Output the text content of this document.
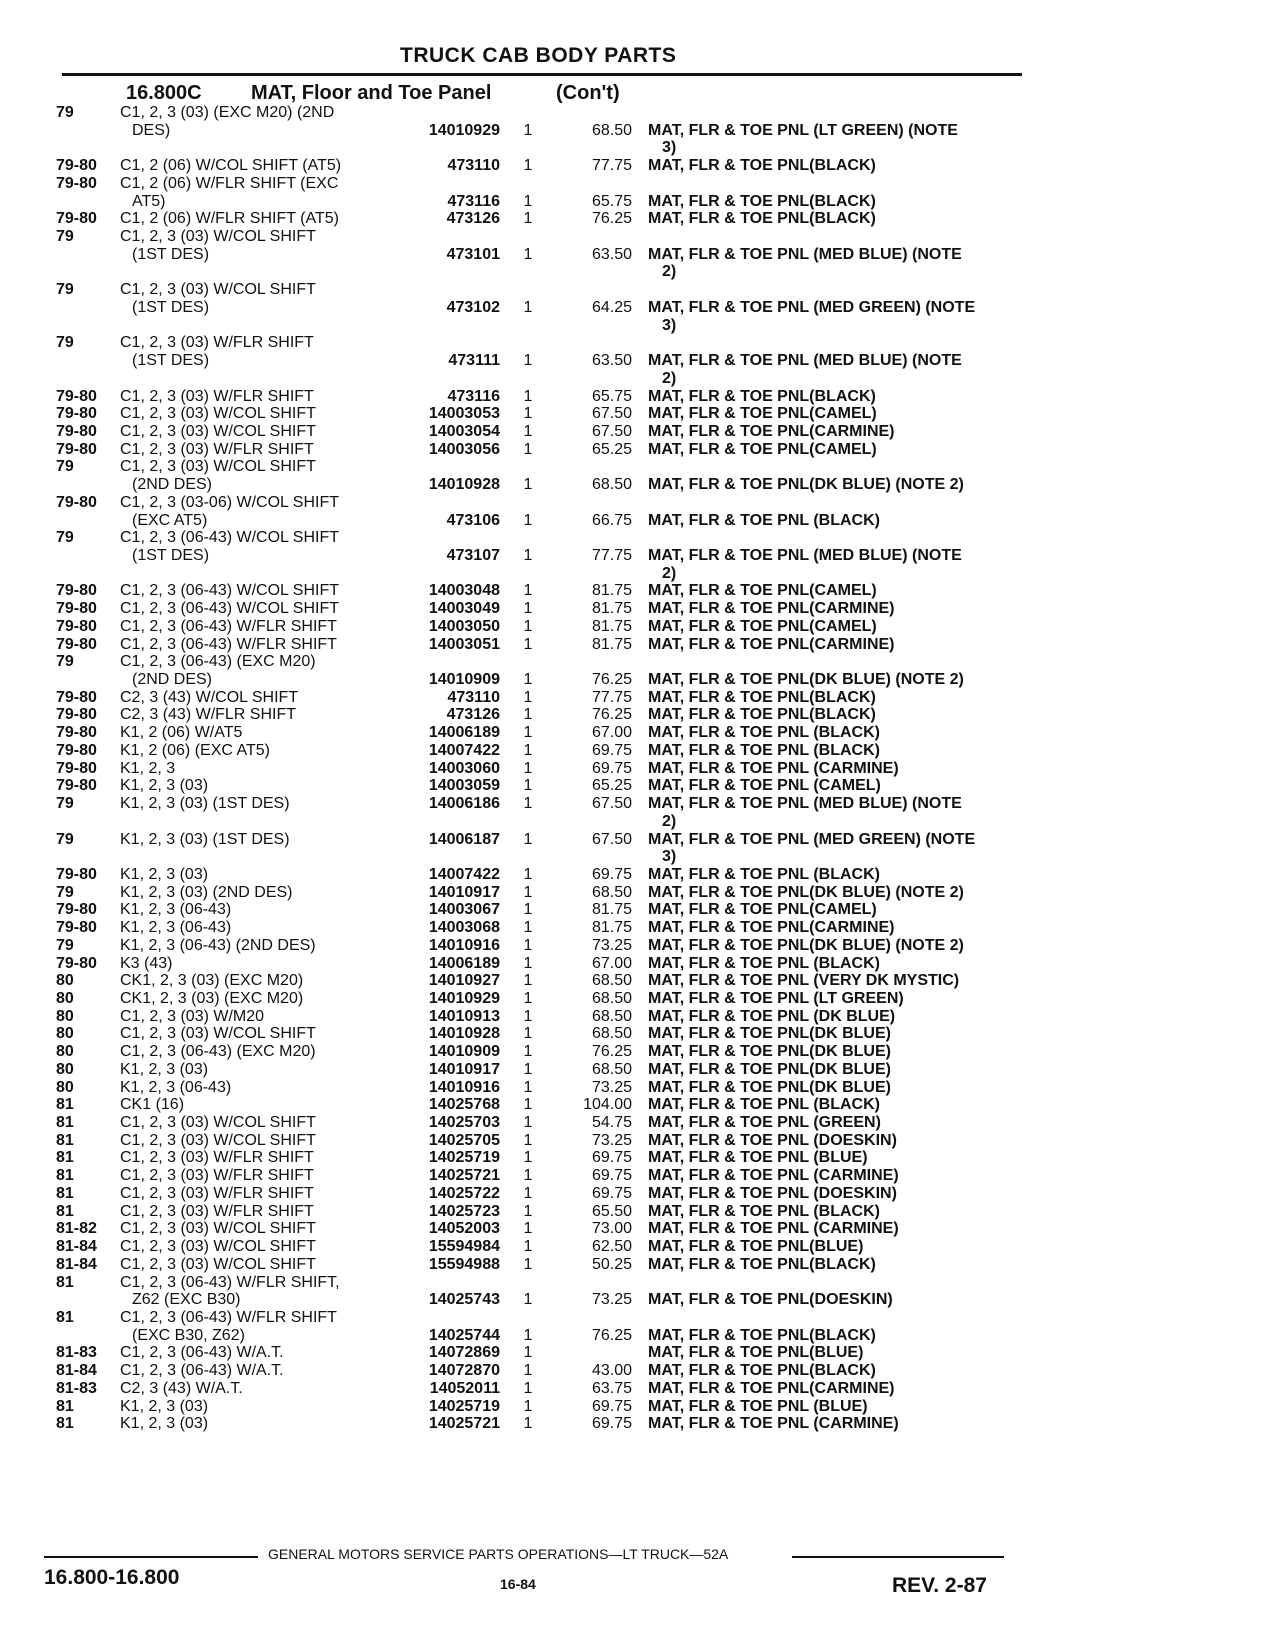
TRUCK CAB BODY PARTS
16.800C MAT, Floor and Toe Panel	(Con't)
79	C1, 2, 3 (03) (EXC M20) (2ND
DES)	14010929 1	68.50 MAT, FLR & TOE PNL (LT GREEN) (NOTE
3)
79-80	C1, 2 (06) W/COL SHIFT (AT5)	473110 1	77.75 MAT, FLR & TOE PNL(BLACK)
79-80	C1, 2 (06) W/FLR SHIFT (EXC
AT5)	473116 1	65.75 MAT, FLR & TOE PNL(BLACK)
79-80	C1, 2 (06) W/FLR SHIFT (AT5)	473126 1	76.25 MAT, FLR & TOE PNL(BLACK)
79	C1, 2, 3 (03) W/COL SHIFT
(1ST DES)	473101 1	63.50 MAT, FLR & TOE PNL (MED BLUE) (NOTE
2)
79	C1, 2, 3 (03) W/COL SHIFT
(1ST DES)	473102 1	64.25 MAT, FLR & TOE PNL (MED GREEN) (NOTE
3)
79	C1, 2, 3 (03) W/FLR SHIFT
(1ST DES)	473111 1	63.50 MAT, FLR & TOE PNL (MED BLUE) (NOTE
2)
79-80	C1, 2, 3 (03) W/FLR SHIFT	473116 1	65.75 MAT, FLR & TOE PNL(BLACK)
79-80	C1, 2, 3 (03) W/COL SHIFT	14003053 1	67.50 MAT, FLR & TOE PNL(CAMEL)
79-80	C1, 2, 3 (03) W/COL SHIFT	14003054 1	67.50 MAT, FLR & TOE PNL(CARMINE)
79-80	C1, 2, 3 (03) W/FLR SHIFT	14003056 1	65.25 MAT, FLR & TOE PNL(CAMEL)
79	C1, 2, 3 (03) W/COL SHIFT
(2ND DES)	14010928 1	68.50 MAT, FLR & TOE PNL(DK BLUE) (NOTE 2)
79-80	C1, 2, 3 (03-06) W/COL SHIFT
(EXC AT5)	473106 1	66.75 MAT, FLR & TOE PNL (BLACK)
79	C1, 2, 3 (06-43) W/COL SHIFT
(1ST DES)	473107 1	77.75 MAT, FLR & TOE PNL (MED BLUE) (NOTE
2)
79-80	C1, 2, 3 (06-43) W/COL SHIFT	14003048 1	81.75 MAT, FLR & TOE PNL(CAMEL)
79-80	C1, 2, 3 (06-43) W/COL SHIFT	14003049 1	81.75 MAT, FLR & TOE PNL(CARMINE)
79-80	C1, 2, 3 (06-43) W/FLR SHIFT	14003050 1	81.75 MAT, FLR & TOE PNL(CAMEL)
79-80	C1, 2, 3 (06-43) W/FLR SHIFT	14003051 1	81.75 MAT, FLR & TOE PNL(CARMINE)
79	C1, 2, 3 (06-43) (EXC M20)
(2ND DES)	14010909 1	76.25 MAT, FLR & TOE PNL(DK BLUE) (NOTE 2)
79-80	C2, 3 (43) W/COL SHIFT	473110 1	77.75 MAT, FLR & TOE PNL(BLACK)
79-80	C2, 3 (43) W/FLR SHIFT	473126 1	76.25 MAT, FLR & TOE PNL(BLACK)
79-80	K1, 2 (06) W/AT5	14006189 1	67.00 MAT, FLR & TOE PNL (BLACK)
79-80	K1, 2 (06) (EXC AT5)	14007422 1	69.75 MAT, FLR & TOE PNL (BLACK)
79-80	K1, 2, 3	14003060 1	69.75 MAT, FLR & TOE PNL (CARMINE)
79-80	K1, 2, 3 (03)	14003059 1	65.25 MAT, FLR & TOE PNL (CAMEL)
79	K1, 2, 3 (03) (1ST DES)	14006186 1	67.50 MAT, FLR & TOE PNL (MED BLUE) (NOTE
2)
79	K1, 2, 3 (03) (1ST DES)	14006187 1	67.50 MAT, FLR & TOE PNL (MED GREEN) (NOTE
3)
79-80	K1, 2, 3 (03)	14007422 1	69.75 MAT, FLR & TOE PNL (BLACK)
79	K1, 2, 3 (03) (2ND DES)	14010917 1	68.50 MAT, FLR & TOE PNL(DK BLUE) (NOTE 2)
79-80	K1, 2, 3 (06-43)	14003067 1	81.75 MAT, FLR & TOE PNL(CAMEL)
79-80	K1, 2, 3 (06-43)	14003068 1	81.75 MAT, FLR & TOE PNL(CARMINE)
79	K1, 2, 3 (06-43) (2ND DES)	14010916 1	73.25 MAT, FLR & TOE PNL(DK BLUE) (NOTE 2)
79-80	K3 (43)	14006189 1	67.00 MAT, FLR & TOE PNL (BLACK)
80	CK1, 2, 3 (03) (EXC M20)	14010927 1	68.50 MAT, FLR & TOE PNL (VERY DK MYSTIC)
80	CK1, 2, 3 (03) (EXC M20)	14010929 1	68.50 MAT, FLR & TOE PNL (LT GREEN)
80	C1, 2, 3 (03) W/M20	14010913 1	68.50 MAT, FLR & TOE PNL (DK BLUE)
80	C1, 2, 3 (03) W/COL SHIFT	14010928 1	68.50 MAT, FLR & TOE PNL(DK BLUE)
80	C1, 2, 3 (06-43) (EXC M20)	14010909 1	76.25 MAT, FLR & TOE PNL(DK BLUE)
80	K1, 2, 3 (03)	14010917 1	68.50 MAT, FLR & TOE PNL(DK BLUE)
80	K1, 2, 3 (06-43)	14010916 1	73.25 MAT, FLR & TOE PNL(DK BLUE)
81	CK1 (16)	14025768 1	104.00 MAT, FLR & TOE PNL (BLACK)
81	C1, 2, 3 (03) W/COL SHIFT	14025703 1	54.75 MAT, FLR & TOE PNL (GREEN)
81	C1, 2, 3 (03) W/COL SHIFT	14025705 1	73.25 MAT, FLR & TOE PNL (DOESKIN)
81	C1, 2, 3 (03) W/FLR SHIFT	14025719 1	69.75 MAT, FLR & TOE PNL (BLUE)
81	C1, 2, 3 (03) W/FLR SHIFT	14025721 1	69.75 MAT, FLR & TOE PNL (CARMINE)
81	C1, 2, 3 (03) W/FLR SHIFT	14025722 1	69.75 MAT, FLR & TOE PNL (DOESKIN)
81	C1, 2, 3 (03) W/FLR SHIFT	14025723 1	65.50 MAT, FLR & TOE PNL (BLACK)
81-82	C1, 2, 3 (03) W/COL SHIFT	14052003 1	73.00 MAT, FLR & TOE PNL (CARMINE)
81-84	C1, 2, 3 (03) W/COL SHIFT	15594984 1	62.50 MAT, FLR & TOE PNL(BLUE)
81-84	C1, 2, 3 (03) W/COL SHIFT	15594988 1	50.25 MAT, FLR & TOE PNL(BLACK)
81	C1, 2, 3 (06-43) W/FLR SHIFT,
Z62 (EXC B30)	14025743 1	73.25 MAT, FLR & TOE PNL(DOESKIN)
81	C1, 2, 3 (06-43) W/FLR SHIFT
(EXC B30, Z62)	14025744 1	76.25 MAT, FLR & TOE PNL(BLACK)
81-83	C1, 2, 3 (06-43) W/A.T.	14072869 1	MAT, FLR & TOE PNL(BLUE)
81-84	C1, 2, 3 (06-43) W/A.T.	14072870 1	43.00 MAT, FLR & TOE PNL(BLACK)
81-83	C2, 3 (43) W/A.T.	14052011 1	63.75 MAT, FLR & TOE PNL(CARMINE)
81	K1, 2, 3 (03)	14025719 1	69.75 MAT, FLR & TOE PNL (BLUE)
81	K1, 2, 3 (03)	14025721 1	69.75 MAT, FLR & TOE PNL (CARMINE)
GENERAL MOTORS SERVICE PARTS OPERATIONS—LT TRUCK—52A
16.800-16.800	16-84	REV. 2-87
